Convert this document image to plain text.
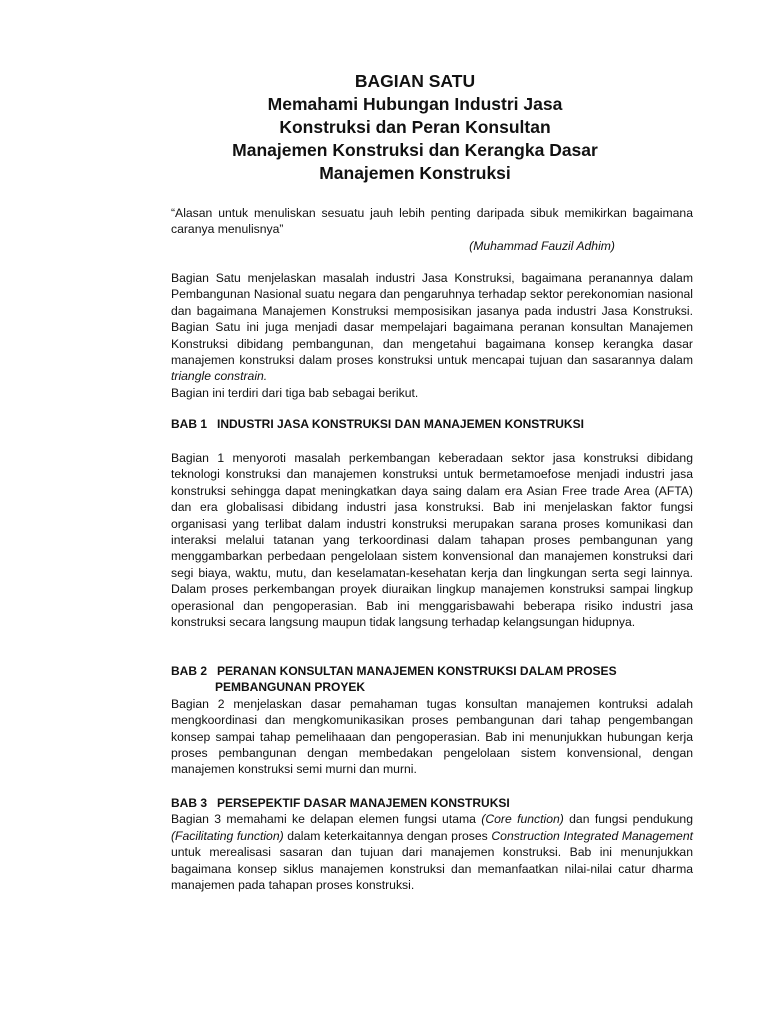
BAGIAN SATU
Memahami Hubungan Industri Jasa
Konstruksi dan Peran Konsultan
Manajemen Konstruksi dan Kerangka Dasar
Manajemen Konstruksi

“Alasan untuk menuliskan sesuatu jauh lebih penting daripada sibuk memikirkan bagaimana caranya menulisnya”

(Muhammad Fauzil Adhim)

Bagian Satu menjelaskan masalah industri Jasa Konstruksi, bagaimana peranannya dalam Pembangunan Nasional suatu negara dan pengaruhnya terhadap sektor perekonomian nasional dan bagaimana Manajemen Konstruksi memposisikan jasanya pada industri Jasa Konstruksi. Bagian Satu ini juga menjadi dasar mempelajari bagaimana peranan konsultan Manajemen Konstruksi dibidang pembangunan, dan mengetahui bagaimana konsep kerangka dasar manajemen konstruksi dalam proses konstruksi untuk mencapai tujuan dan sasarannya dalam triangle constrain.

Bagian ini terdiri dari tiga bab sebagai berikut.

BAB 1 INDUSTRI JASA KONSTRUKSI DAN MANAJEMEN KONSTRUKSI

Bagian 1 menyoroti masalah perkembangan keberadaan sektor jasa konstruksi dibidang teknologi konstruksi dan manajemen konstruksi untuk bermetamoefose menjadi industri jasa konstruksi sehingga dapat meningkatkan daya saing dalam era Asian Free trade Area (AFTA) dan era globalisasi dibidang industri jasa konstruksi. Bab ini menjelaskan faktor fungsi organisasi yang terlibat dalam industri konstruksi merupakan sarana proses komunikasi dan interaksi melalui tatanan yang terkoordinasi dalam tahapan proses pembangunan yang menggambarkan perbedaan pengelolaan sistem konvensional dan manajemen konstruksi dari segi biaya, waktu, mutu, dan keselamatan-kesehatan kerja dan lingkungan serta segi lainnya. Dalam proses perkembangan proyek diuraikan lingkup manajemen konstruksi sampai lingkup operasional dan pengoperasian. Bab ini menggarisbawahi beberapa risiko industri jasa konstruksi secara langsung maupun tidak langsung terhadap kelangsungan hidupnya.

BAB 2 PERANAN KONSULTAN MANAJEMEN KONSTRUKSI DALAM PROSES
PEMBANGUNAN PROYEK

Bagian 2 menjelaskan dasar pemahaman tugas konsultan manajemen kontruksi adalah mengkoordinasi dan mengkomunikasikan proses pembangunan dari tahap pengembangan konsep sampai tahap pemelihaaan dan pengoperasian. Bab ini menunjukkan hubungan kerja proses pembangunan dengan membedakan pengelolaan sistem konvensional, dengan manajemen konstruksi semi murni dan murni.

BAB 3 PERSEPEKTIF DASAR MANAJEMEN KONSTRUKSI

Bagian 3 memahami ke delapan elemen fungsi utama (Core function) dan fungsi pendukung (Facilitating function) dalam keterkaitannya dengan proses Construction Integrated Management untuk merealisasi sasaran dan tujuan dari manajemen konstruksi. Bab ini menunjukkan bagaimana konsep siklus manajemen konstruksi dan memanfaatkan nilai-nilai catur dharma manajemen pada tahapan proses konstruksi.
